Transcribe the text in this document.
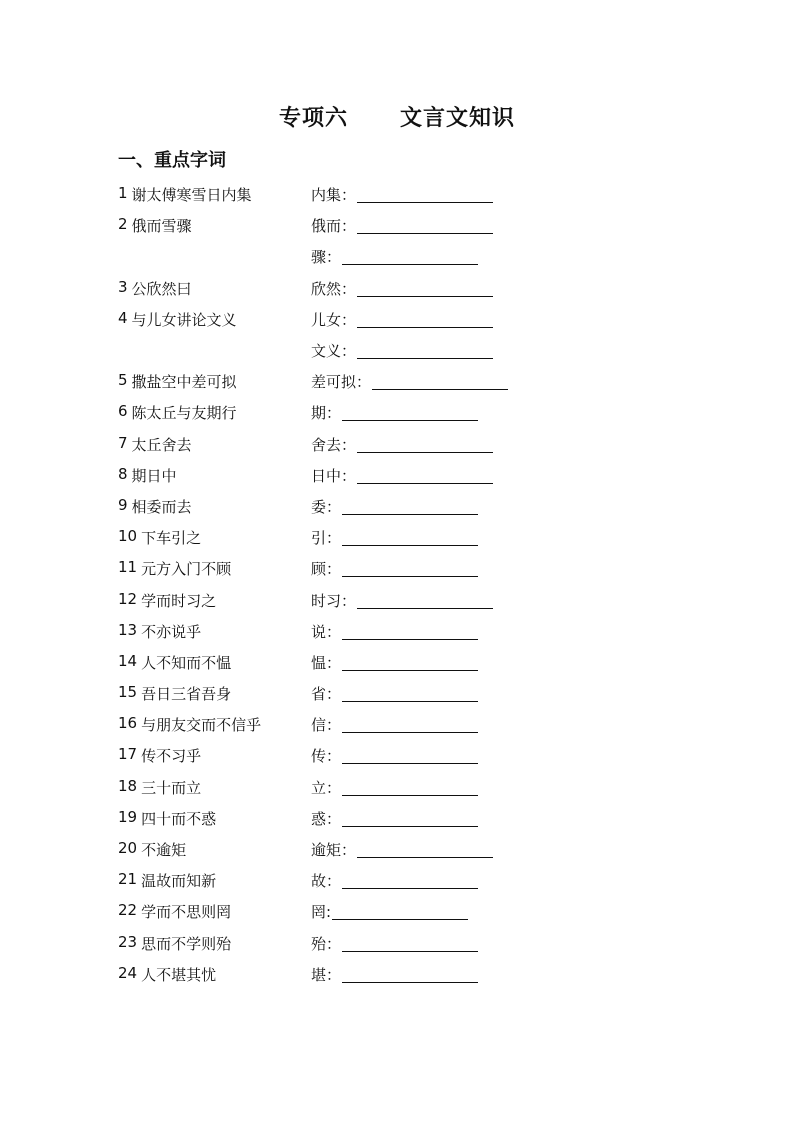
专项六      文言文知识
一、重点字词
1 谢太傅寒雪日内集	内集：
2 俄而雪骤	俄而：
骤：
3 公欣然曰	欣然：
4 与儿女讲论文义	儿女：
文义：
5 撒盐空中差可拟	差可拟：
6 陈太丘与友期行	期：
7 太丘舍去	舍去：
8 期日中	日中：
9 相委而去	委：
10 下车引之	引：
11 元方入门不顾	顾：
12 学而时习之	时习：
13 不亦说乎	说：
14 人不知而不愠	愠：
15 吾日三省吾身	省：
16 与朋友交而不信乎	信：
17 传不习乎	传：
18 三十而立	立：
19 四十而不惑	惑：
20 不逾矩	逾矩：
21 温故而知新	故：
22 学而不思则罔	罔:
23 思而不学则殆	殆：
24 人不堪其忧	堪：
